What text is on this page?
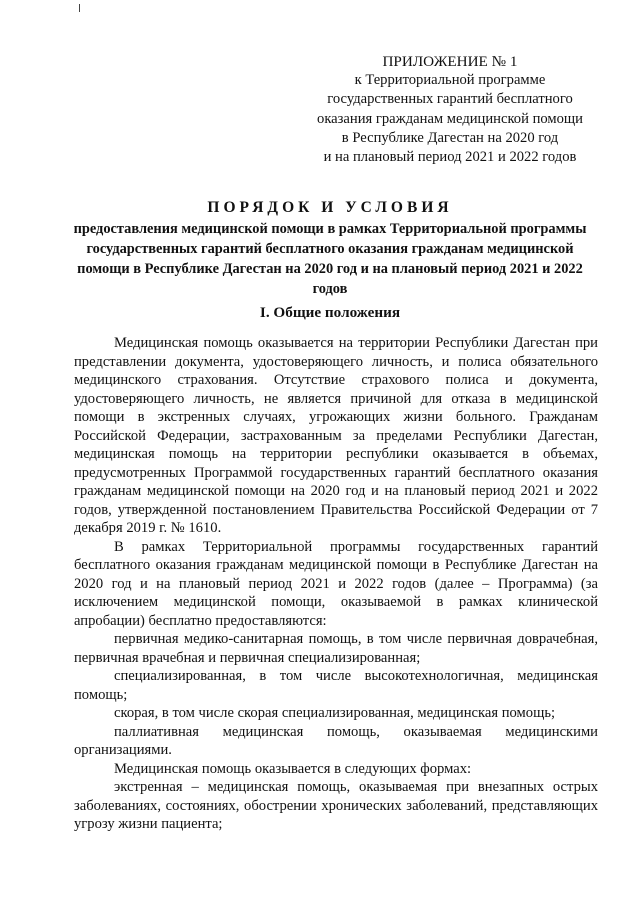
ПРИЛОЖЕНИЕ № 1
к Территориальной программе
государственных гарантий бесплатного
оказания гражданам медицинской помощи
в Республике Дагестан на 2020 год
и на плановый период 2021 и 2022 годов
ПОРЯДОК И УСЛОВИЯ
предоставления медицинской помощи в рамках Территориальной программы государственных гарантий бесплатного оказания гражданам медицинской помощи в Республике Дагестан на 2020 год и на плановый период 2021 и 2022 годов
I. Общие положения

Медицинская помощь оказывается на территории Республики Дагестан при представлении документа, удостоверяющего личность, и полиса обязательного медицинского страхования. Отсутствие страхового полиса и документа, удостоверяющего личность, не является причиной для отказа в медицинской помощи в экстренных случаях, угрожающих жизни больного. Гражданам Российской Федерации, застрахованным за пределами Республики Дагестан, медицинская помощь на территории республики оказывается в объемах, предусмотренных Программой государственных гарантий бесплатного оказания гражданам медицинской помощи на 2020 год и на плановый период 2021 и 2022 годов, утвержденной постановлением Правительства Российской Федерации от 7 декабря 2019 г. № 1610.

В рамках Территориальной программы государственных гарантий бесплатного оказания гражданам медицинской помощи в Республике Дагестан на 2020 год и на плановый период 2021 и 2022 годов (далее – Программа) (за исключением медицинской помощи, оказываемой в рамках клинической апробации) бесплатно предоставляются:

первичная медико-санитарная помощь, в том числе первичная доврачебная, первичная врачебная и первичная специализированная;

специализированная, в том числе высокотехнологичная, медицинская помощь;

скорая, в том числе скорая специализированная, медицинская помощь;

паллиативная медицинская помощь, оказываемая медицинскими организациями.

Медицинская помощь оказывается в следующих формах:

экстренная – медицинская помощь, оказываемая при внезапных острых заболеваниях, состояниях, обострении хронических заболеваний, представляющих угрозу жизни пациента;
